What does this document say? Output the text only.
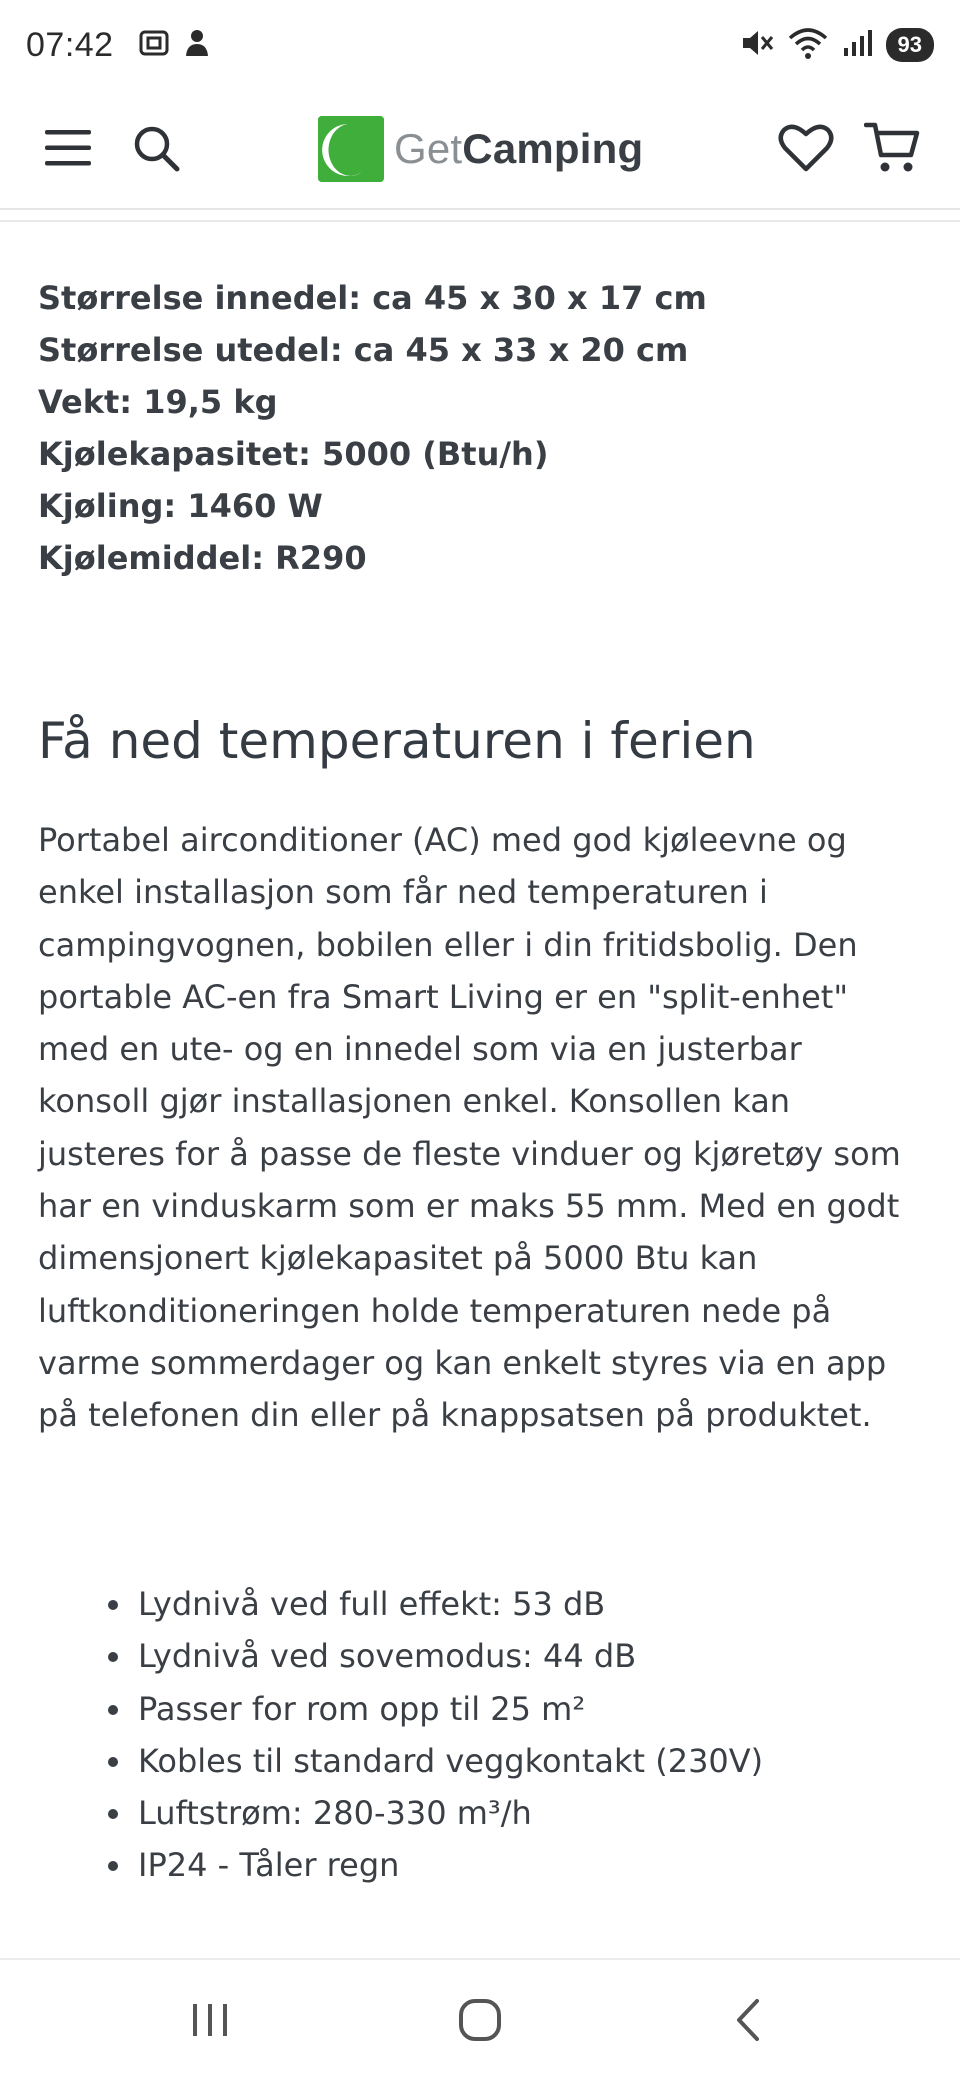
07:42	93
GetCamping
Størrelse innedel: ca 45 x 30 x 17 cm
Størrelse utedel: ca 45 x 33 x 20 cm
Vekt: 19,5 kg
Kjølekapasitet: 5000 (Btu/h)
Kjøling: 1460 W
Kjølemiddel: R290
Få ned temperaturen i ferien
Portabel airconditioner (AC) med god kjøleevne og
enkel installasjon som får ned temperaturen i
campingvognen, bobilen eller i din fritidsbolig. Den
portable AC-en fra Smart Living er en "split-enhet"
med en ute- og en innedel som via en justerbar
konsoll gjør installasjonen enkel. Konsollen kan
justeres for å passe de fleste vinduer og kjøretøy som
har en vinduskarm som er maks 55 mm. Med en godt
dimensjonert kjølekapasitet på 5000 Btu kan
luftkonditioneringen holde temperaturen nede på
varme sommerdager og kan enkelt styres via en app
på telefonen din eller på knappsatsen på produktet.
Lydnivå ved full effekt: 53 dB
Lydnivå ved sovemodus: 44 dB
Passer for rom opp til 25 m²
Kobles til standard veggkontakt (230V)
Luftstrøm: 280-330 m³/h
IP24 - Tåler regn
